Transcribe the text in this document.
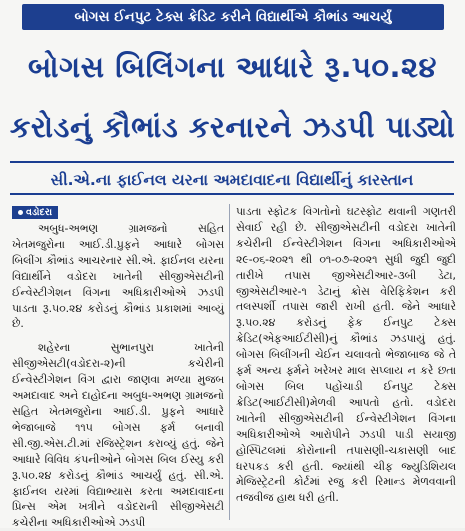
બોગસ ઈનપુટ ટેક્સ ક્રેડિટ કરીને વિદ્યાર્થીએ કૌભાંડ આચર્યું
બોગસ બિલિંગના આધારે રૂ.૫૦.૨૪
કરોડનું કૌભાંડ કરનારને ઝડપી પાડ્યો
સી.એ.ના ફાઈનલ યરના અમદાવાદના વિદ્યાર્થીનું કારસ્તાન
વડોદરા

અબુધ-અભણ ગ્રામજનો સહિત ખેતમજુરોના આઈ.ડી.પ્રુફને આધારે બોગસ બિલીંગ કૌભાંડ આચરનાર સી.એ. ફાઈનલ યરના વિદ્યાર્થીને વડોદરા ખાતેની સીજીએસટીની ઈન્વેસ્ટીગેશન વિંગના અધિકારીઓએ ઝડપી પાડતા રૂ.૫૦.૨૪ કરોડનું કૌભાંડ પ્રકાશમાં આવ્યું છે.

શહેરના સુભાનપુરા ખાતેની સીજીએસટી(વડોદરા-૨)ની કચેરીની ઈન્વેસ્ટીગેશન વિંગ દ્વારા જાણવા મળ્યા મુજબ અમદાવાદ અને દાહોદના અબુધ-અભણ ગ્રામજનો સહિત ખેતમજુરોના આઈ.ડી. પ્રુફને આધારે ભેજાબાજે ૧૧૫ બોગસ ફર્મ બનાવી સી.જી.એસ.ટી.માં રજિસ્ટ્રેશન કરાવ્યું હતું. જેને આધારે વિવિધ કંપનીઓને બોગસ બિલ ઈસ્યુ કરી રૂ.૫૦.૨૪ કરોડનું કૌભાંડ આચર્યું હતું. સી.એ. ફાઈનલ યરમાં વિદ્યાભ્યાસ કરતા અમદાવાદના પ્રિન્સ એમ ખત્રીને વડોદરાની સીજીએસટી કચેરીના અધિકારીઓએ ઝડપી

પાડતા સ્ફોટક વિગતોનો ઘટસ્ફોટ થવાની ગણતરી સેવાઈ રહી છે. સીજીએસટીની વડોદરા ખાતેની કચેરીની ઈન્વેસ્ટીગેશન વિંગના અધિકારીઓએ ૨૯-૦૬-૨૦૨૧ થી ૦૧-૦૭-૨૦૨૧ સુધી જુદી જુદી તારીખે તપાસ જીએસટીઆર-૩બી ડેટા, જીએસટીઆર-૧ ડેટાનું ક્રોસ વેરિફિકેશન કરી તલસ્પર્શી તપાસ જારી રાખી હતી. જેને આધારે રૂ.૫૦.૨૪ કરોડનું ફેક ઈનપુટ ટેક્સ ક્રેડિટ(એફઆઈટીસી)નું કૌભાંડ ઝડપાયું હતું. બોગસ બિલીંગની ચેઈન ચલાવતો ભેજાબાજ જે તે ફર્મ અન્ય ફર્મને ખરેખર માલ સપ્લાય ન કરે છતા બોગસ બિલ પહોંચાડી ઈનપુટ ટેક્સ ક્રેડિટ(આઈટીસી)મેળવી આપતો હતો. વડોદરા ખાતેની સીજીએસટીની ઈન્વેસ્ટીગેશન વિંગના અધિકારીઓએ આરોપીને ઝડપી પાડી સયાજી હોસ્પિટલમાં કોરોનાની તપાસણી-ચકાસણી બાદ ધરપકડ કરી હતી. જ્યાંથી ચીફ જ્યુડિશિયલ મેજિસ્ટ્રેટની કોર્ટમાં રજુ કરી રિમાન્ડ મેળવવાની તજવીજ હાથ ધરી હતી.
